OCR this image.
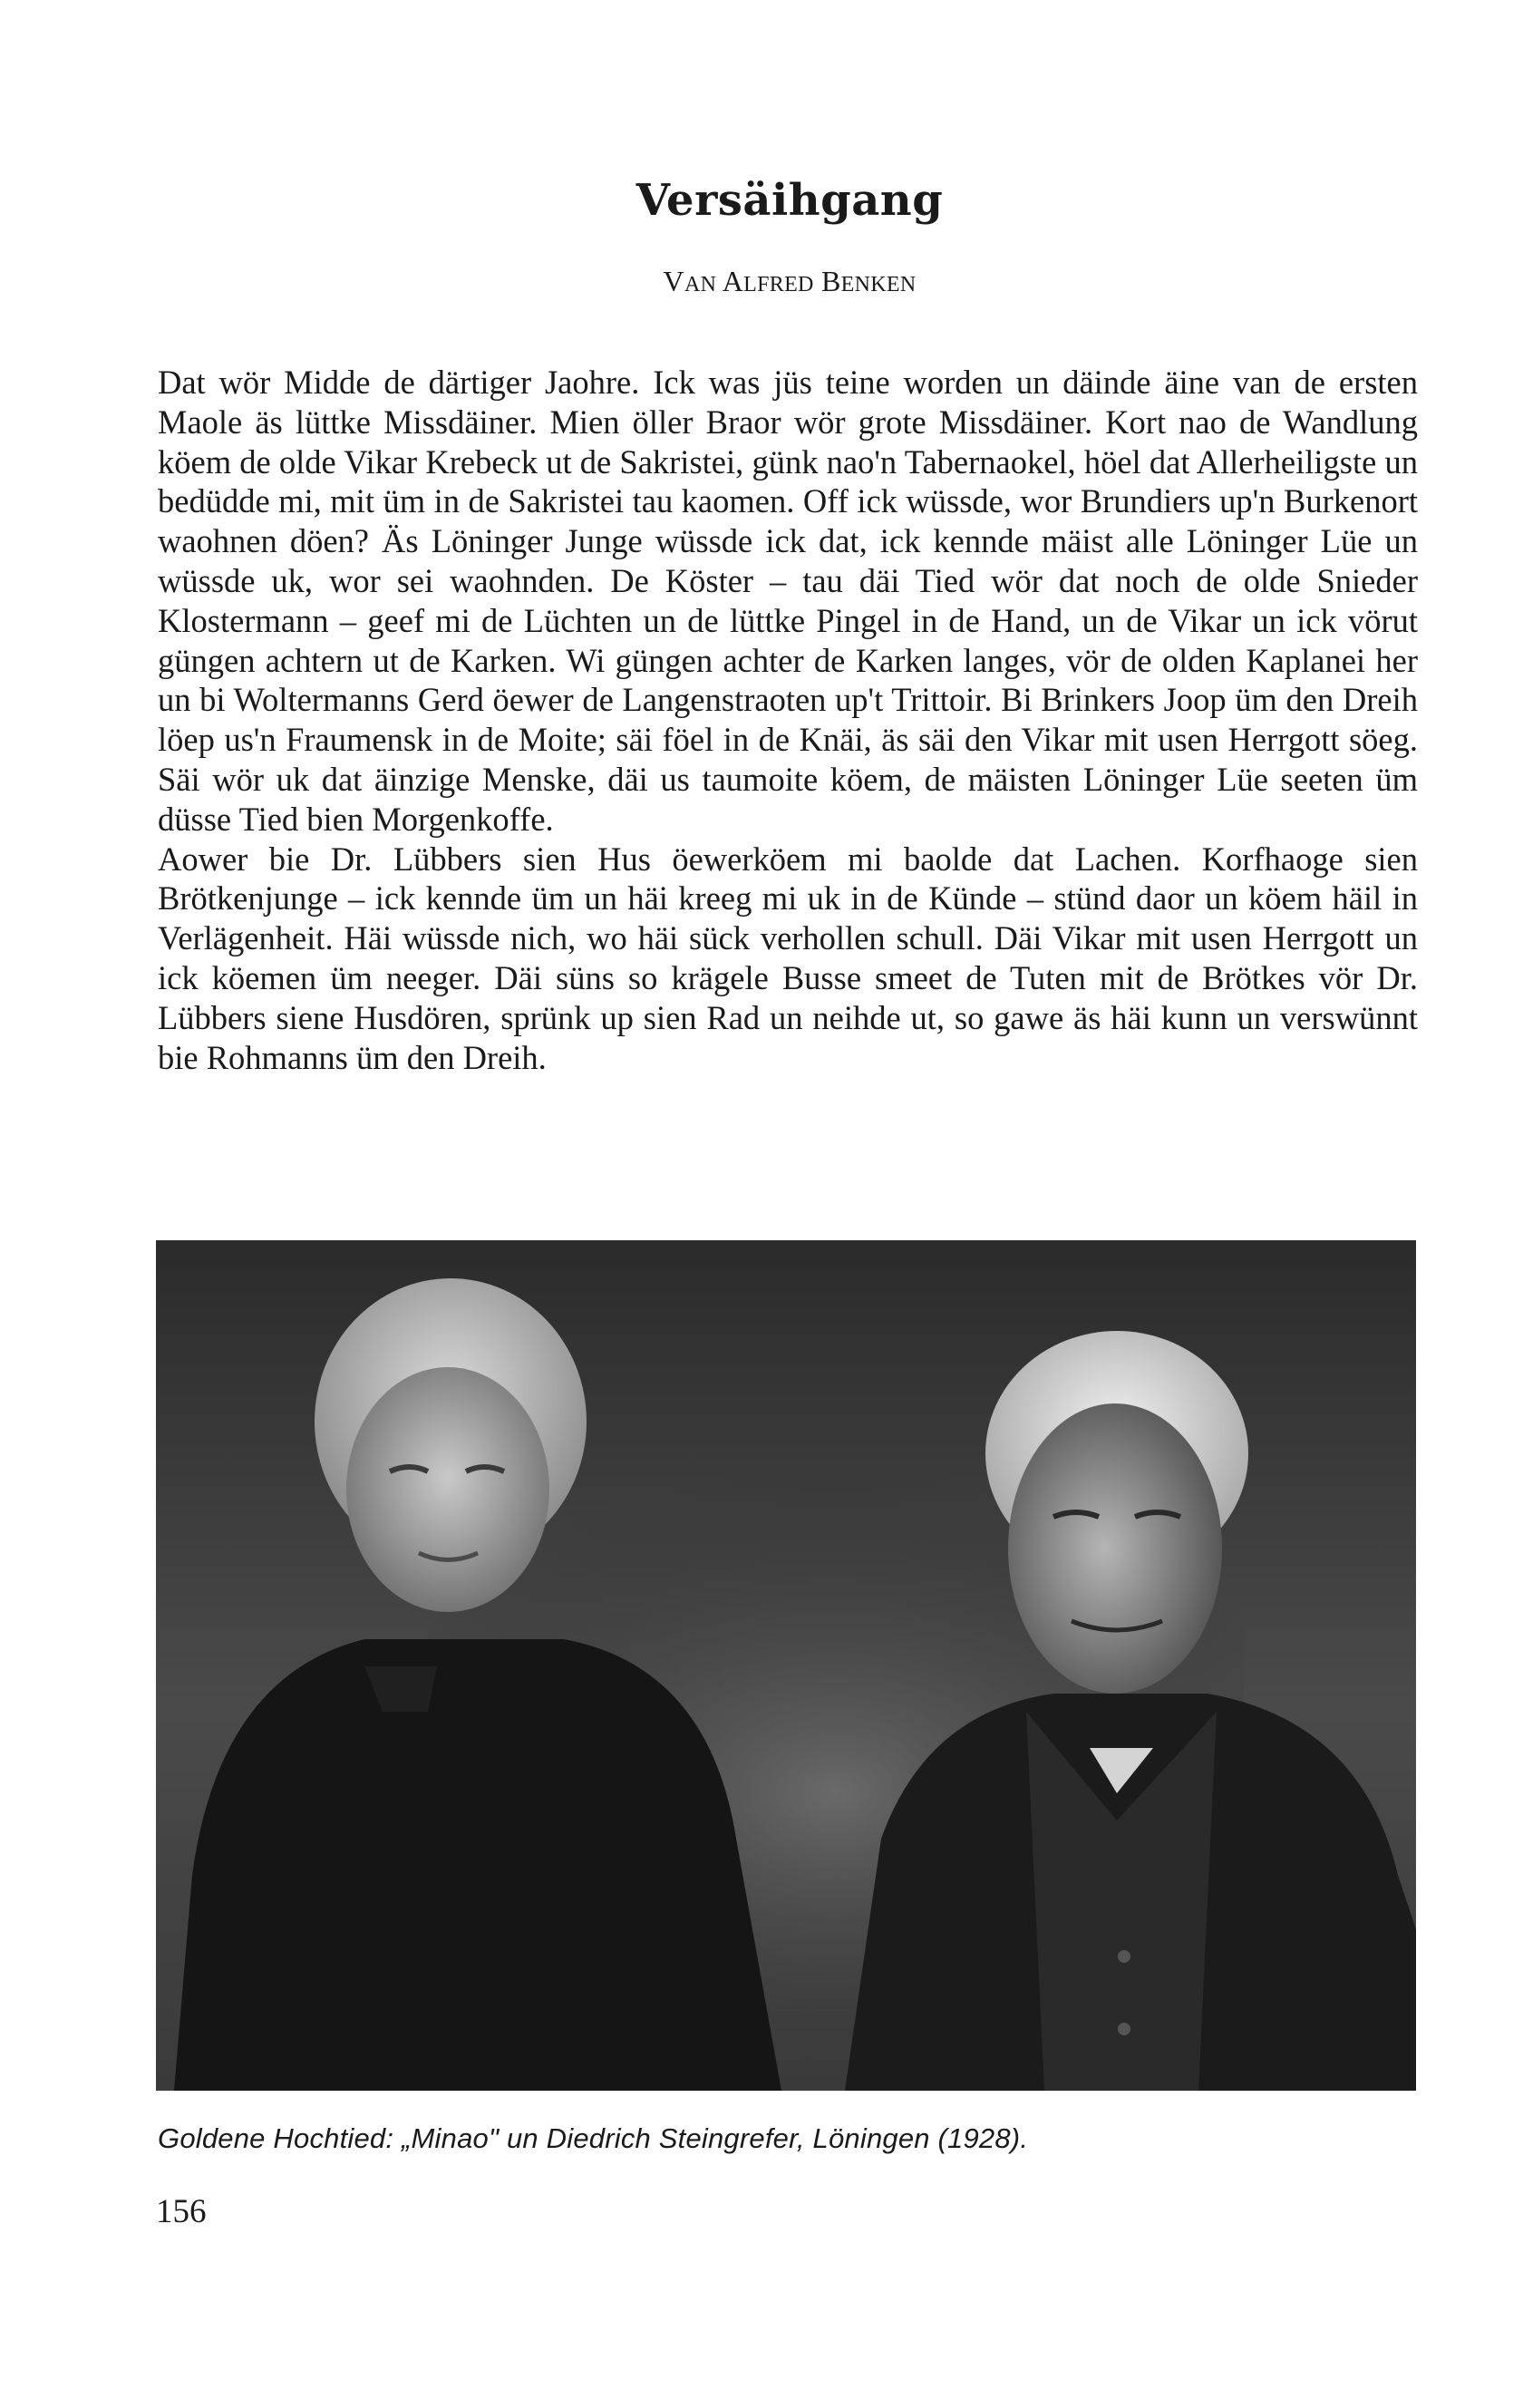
Versäihgang
VAN ALFRED BENKEN

Dat wör Midde de därtiger Jaohre. Ick was jüs teine worden un däinde äine van de ersten Maole äs lüttke Missdäiner. Mien öller Braor wör grote Missdäiner. Kort nao de Wandlung köem de olde Vikar Krebeck ut de Sakristei, günk nao'n Tabernaokel, höel dat Allerheiligste un bedüdde mi, mit üm in de Sakristei tau kaomen. Off ick wüssde, wor Brundiers up'n Burkenort waohnen döen? Äs Löninger Junge wüssde ick dat, ick kennde mäist alle Löninger Lüe un wüssde uk, wor sei waohnden. De Köster – tau däi Tied wör dat noch de olde Snieder Klostermann – geef mi de Lüchten un de lüttke Pingel in de Hand, un de Vikar un ick vörut güngen achtern ut de Karken. Wi güngen achter de Karken langes, vör de olden Kaplanei her un bi Woltermanns Gerd öewer de Langenstraoten up't Trittoir. Bi Brinkers Joop üm den Dreih löep us'n Fraumensk in de Moite; säi föel in de Knäi, äs säi den Vikar mit usen Herrgott söeg. Säi wör uk dat äinzige Menske, däi us taumoite köem, de mäisten Löninger Lüe seeten üm düsse Tied bien Morgenkoffe.

Aower bie Dr. Lübbers sien Hus öewerköem mi baolde dat Lachen. Korfhaoge sien Brötkenjunge – ick kennde üm un häi kreeg mi uk in de Künde – stünd daor un köem häil in Verlägenheit. Häi wüssde nich, wo häi sück verhollen schull. Däi Vikar mit usen Herrgott un ick köemen üm neeger. Däi süns so krägele Busse smeet de Tuten mit de Brötkes vör Dr. Lübbers siene Husdören, sprünk up sien Rad un neihde ut, so gawe äs häi kunn un verswünnt bie Rohmanns üm den Dreih.

Goldene Hochtied: „Minao" un Diedrich Steingrefer, Löningen (1928).
156
